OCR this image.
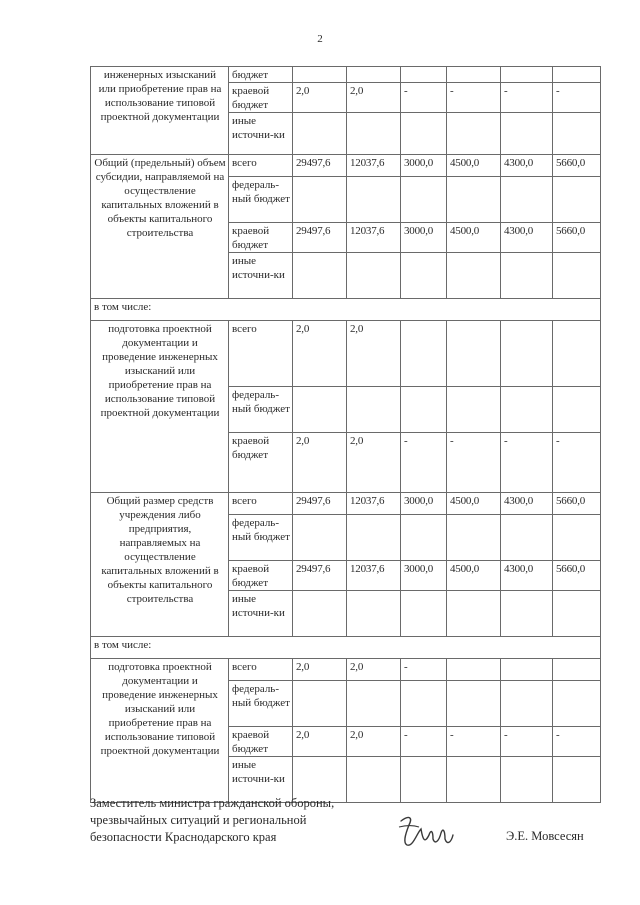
2
инженерных изысканий или приобретение прав на использование типовой проектной документации	бюджет						
	краевой бюджет	2,0	2,0	-	-	-	-
	иные источни-ки						
Общий (предельный) объем субсидии, направляемой на осуществление капитальных вложений в объекты капитального строительства	всего	29497,6	12037,6	3000,0	4500,0	4300,0	5660,0
	федераль-ный бюджет						
	краевой бюджет	29497,6	12037,6	3000,0	4500,0	4300,0	5660,0
	иные источни-ки						
в том числе:							
подготовка проектной документации и проведение инженерных изысканий или приобретение прав на использование типовой проектной документации	всего	2,0	2,0				
	федераль-ный бюджет						
	краевой бюджет	2,0	2,0	-	-	-	-
Общий размер средств учреждения либо предприятия, направляемых на осуществление капитальных вложений в объекты капитального строительства	всего	29497,6	12037,6	3000,0	4500,0	4300,0	5660,0
	федераль-ный бюджет						
	краевой бюджет	29497,6	12037,6	3000,0	4500,0	4300,0	5660,0
	иные источни-ки						
в том числе:							
подготовка проектной документации и проведение инженерных изысканий или приобретение прав на использование типовой проектной документации	всего	2,0	2,0	-			
	федераль-ный бюджет						
	краевой бюджет	2,0	2,0	-	-	-	-
	иные источни-ки						
Заместитель министра гражданской обороны,
чрезвычайных ситуаций и региональной
безопасности Краснодарского края	Э.Е. Мовсесян
